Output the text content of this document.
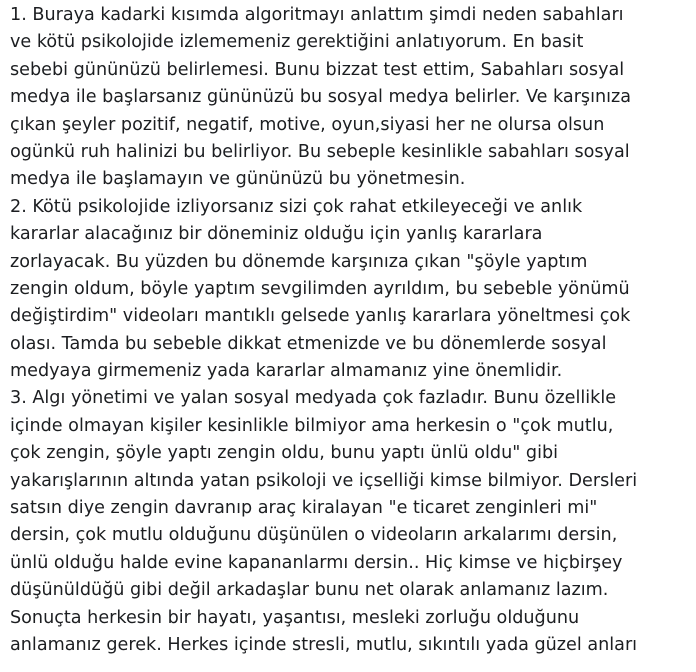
1. Buraya kadarki kısımda algoritmayı anlattım şimdi neden sabahları
ve kötü psikolojide izlememeniz gerektiğini anlatıyorum. En basit
sebebi gününüzü belirlemesi. Bunu bizzat test ettim, Sabahları sosyal
medya ile başlarsanız gününüzü bu sosyal medya belirler. Ve karşınıza
çıkan şeyler pozitif, negatif, motive, oyun,siyasi her ne olursa olsun
ogünkü ruh halinizi bu belirliyor. Bu sebeple kesinlikle sabahları sosyal
medya ile başlamayın ve gününüzü bu yönetmesin.
2. Kötü psikolojide izliyorsanız sizi çok rahat etkileyeceği ve anlık
kararlar alacağınız bir döneminiz olduğu için yanlış kararlara
zorlayacak. Bu yüzden bu dönemde karşınıza çıkan "şöyle yaptım
zengin oldum, böyle yaptım sevgilimden ayrıldım, bu sebeble yönümü
değiştirdim" videoları mantıklı gelsede yanlış kararlara yöneltmesi çok
olası. Tamda bu sebeble dikkat etmenizde ve bu dönemlerde sosyal
medyaya girmemeniz yada kararlar almamanız yine önemlidir.
3. Algı yönetimi ve yalan sosyal medyada çok fazladır. Bunu özellikle
içinde olmayan kişiler kesinlikle bilmiyor ama herkesin o "çok mutlu,
çok zengin, şöyle yaptı zengin oldu, bunu yaptı ünlü oldu" gibi
yakarışlarının altında yatan psikoloji ve içselliği kimse bilmiyor. Dersleri
satsın diye zengin davranıp araç kiralayan "e ticaret zenginleri mi"
dersin, çok mutlu olduğunu düşünülen o videoların arkalarımı dersin,
ünlü olduğu halde evine kapananlarmı dersin.. Hiç kimse ve hiçbirşey
düşünüldüğü gibi değil arkadaşlar bunu net olarak anlamanız lazım.
Sonuçta herkesin bir hayatı, yaşantısı, mesleki zorluğu olduğunu
anlamanız gerek. Herkes içinde stresli, mutlu, sıkıntılı yada güzel anları
